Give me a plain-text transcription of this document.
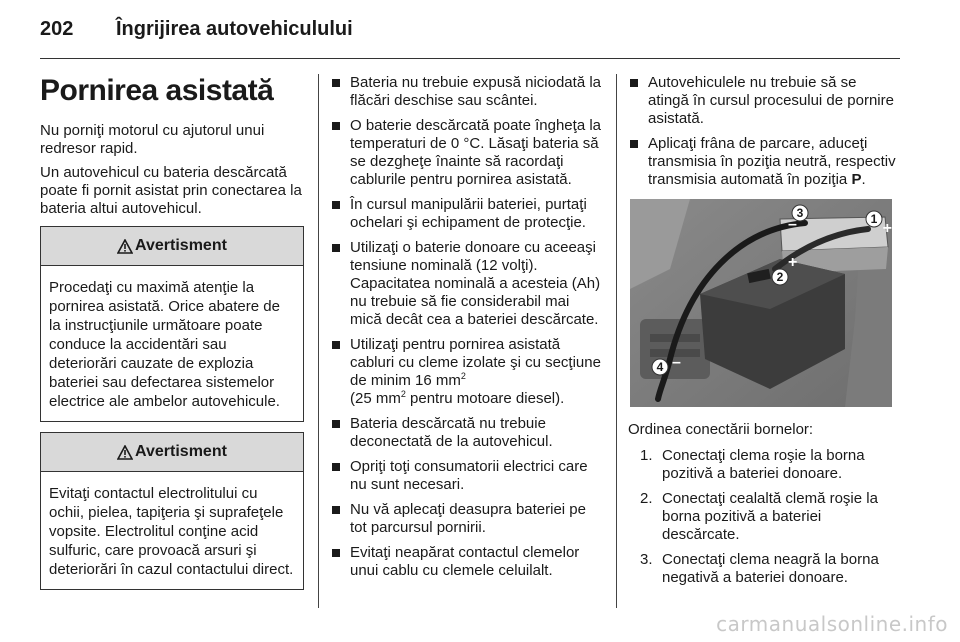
202 Îngrijirea autovehiculului
Pornirea asistată

Nu porniţi motorul cu ajutorul unui redresor rapid.

Un autovehicul cu bateria descărcată poate fi pornit asistat prin conectarea la bateria altui autovehicul.

Avertisment
Procedaţi cu maximă atenţie la pornirea asistată. Orice abatere de la instrucţiunile următoare poate conduce la accidentări sau deteriorări cauzate de explozia bateriei sau defectarea sistemelor electrice ale ambelor autovehicule.
Avertisment
Evitaţi contactul electrolitului cu ochii, pielea, tapiţeria şi suprafeţele vopsite. Electrolitul conţine acid sulfuric, care provoacă arsuri şi deteriorări în cazul contactului direct.
Bateria nu trebuie expusă niciodată la flăcări deschise sau scântei.
O baterie descărcată poate îngheţa la temperaturi de 0 °C. Lăsaţi bateria să se dezgheţe înainte să racordaţi cablurile pentru pornirea asistată.
În cursul manipulării bateriei, purtaţi ochelari şi echipament de protecţie.
Utilizaţi o baterie donoare cu aceeaşi tensiune nominală (12 volţi). Capacitatea nominală a acesteia (Ah) nu trebuie să fie considerabil mai mică decât cea a bateriei descărcate.
Utilizaţi pentru pornirea asistată cabluri cu cleme izolate şi cu secţiune de minim 16 $mm^2$
(25 $mm^2$ pentru motoare diesel).
Bateria descărcată nu trebuie deconectată de la autovehicul.
Opriţi toţi consumatorii electrici care nu sunt necesari.
Nu vă aplecaţi deasupra bateriei pe tot parcursul pornirii.
Evitaţi neapărat contactul clemelor unui cablu cu clemele celuilalt.
Autovehiculele nu trebuie să se atingă în cursul procesului de pornire asistată.
Aplicaţi frâna de parcare, aduceţi transmisia în poziţia neutră, respectiv transmisia automată în poziţia P.
1
+
2
+
3
–
4 –

Ordinea conectării bornelor:

1. Conectaţi clema roşie la borna pozitivă a bateriei donoare.
2. Conectaţi cealaltă clemă roşie la borna pozitivă a bateriei descărcate.
3. Conectaţi clema neagră la borna negativă a bateriei donoare.
carmanualsonline.info
